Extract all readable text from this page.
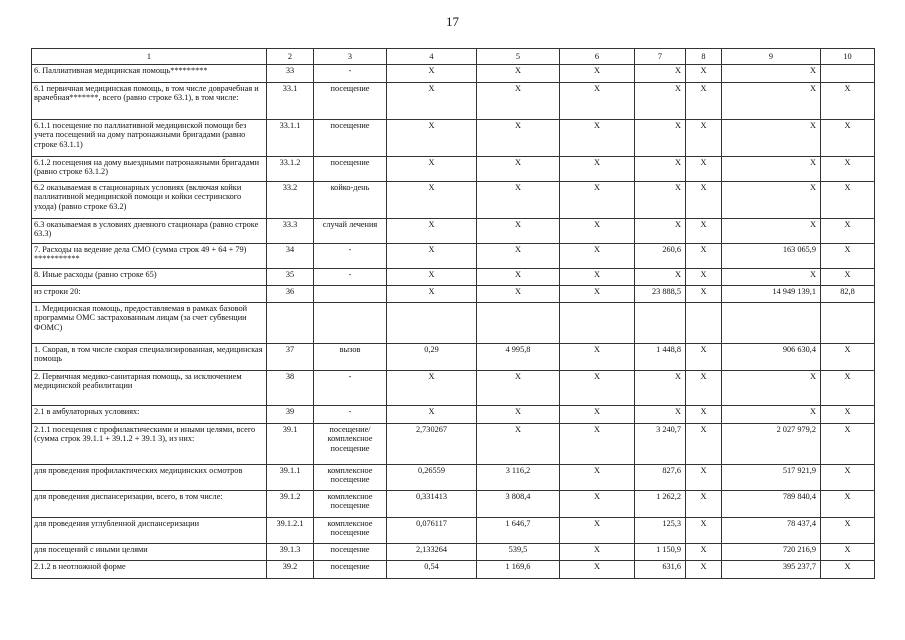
17
1	2	3	4	5	6	7	8	9	10
6. Паллиативная медицинская помощь*********	33	-	X	X	X	X	X	X	
6.1 первичная медицинская помощь, в том числе доврачебная и врачебная*******, всего (равно строке 63.1), в том числе:	33.1	посещение	X	X	X	X	X	X	X
6.1.1 посещение по паллиативной медицинской помощи без учета посещений на дому патронажными бригадами (равно строке 63.1.1)	33.1.1	посещение	X	X	X	X	X	X	X
6.1.2 посещения на дому выездными патронажными бригадами (равно строке 63.1.2)	33.1.2	посещение	X	X	X	X	X	X	X
6.2 оказываемая в стационарных условиях (включая койки паллиативной медицинской помощи и койки сестринского ухода) (равно строке 63.2)	33.2	койко-день	X	X	X	X	X	X	X
6.3 оказываемая в условиях дневного стационара (равно строке 63.3)	33.3	случай лечения	X	X	X	X	X	X	X
7. Расходы на ведение дела СМО (сумма строк 49 + 64 + 79) ***********	34	-	X	X	X	260,6	X	163 065,9	X
8. Иные расходы (равно строке 65)	35	-	X	X	X	X	X	X	X
из строки 20:	36		X	X	X	23 888,5	X	14 949 139,1	82,8
1. Медицинская помощь, предоставляемая в рамках базовой программы ОМС застрахованным лицам (за счет субвенции ФОМС)									
1. Скорая, в том числе скорая специализированная, медицинская помощь	37	вызов	0,29	4 995,8	X	1 448,8	X	906 630,4	X
2. Первичная медико-санитарная помощь, за исключением медицинской реабилитации	38	-	X	X	X	X	X	X	X
2.1 в амбулаторных условиях:	39	-	X	X	X	X	X	X	X
2.1.1 посещения с профилактическими и иными целями, всего (сумма строк 39.1.1 + 39.1.2 + 39.1 3), из них:	39.1	посещение/ комплексное посещение	2,730267	X	X	3 240,7	X	2 027 979,2	X
для проведения профилактических медицинских осмотров	39.1.1	комплексное посещение	0,26559	3 116,2	X	827,6	X	517 921,9	X
для проведения диспансеризации, всего, в том числе:	39.1.2	комплексное посещение	0,331413	3 808,4	X	1 262,2	X	789 840,4	X
для проведения углубленной диспансеризации	39.1.2.1	комплексное посещение	0,076117	1 646,7	X	125,3	X	78 437,4	X
для посещений с иными целями	39.1.3	посещение	2,133264	539,5	X	1 150,9	X	720 216,9	X
2.1.2 в неотложной форме	39.2	посещение	0,54	1 169,6	X	631,6	X	395 237,7	X
